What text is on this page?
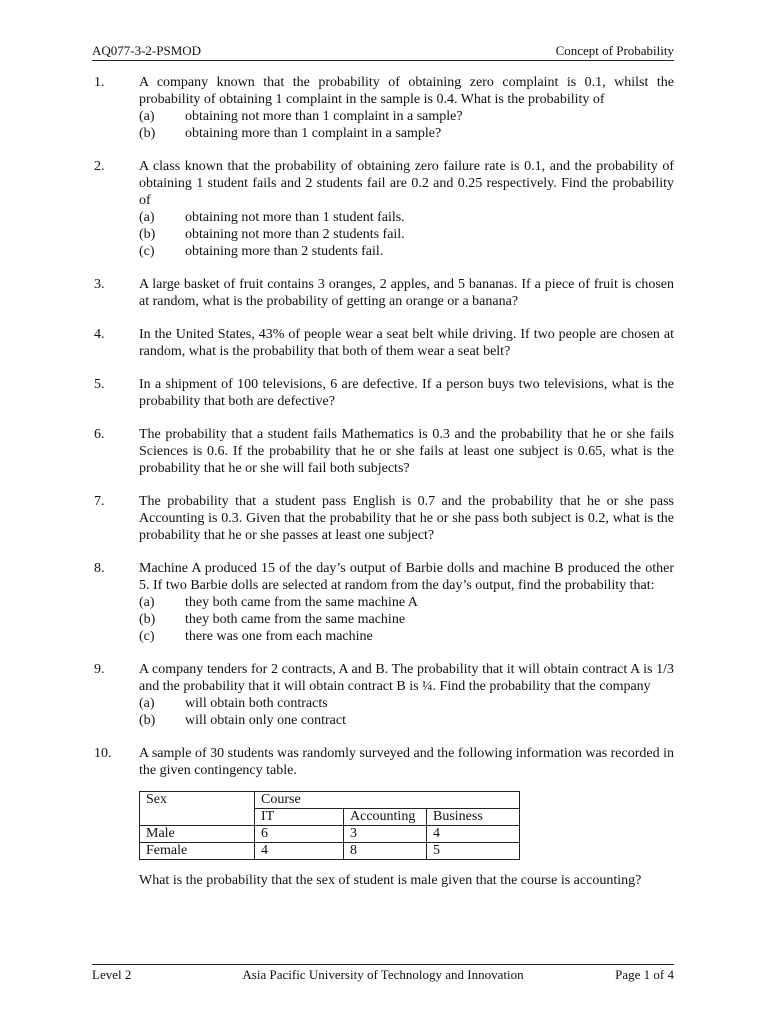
AQ077-3-2-PSMOD	Concept of Probability
1. A company known that the probability of obtaining zero complaint is 0.1, whilst the probability of obtaining 1 complaint in the sample is 0.4. What is the probability of
(a) obtaining not more than 1 complaint in a sample?
(b) obtaining more than 1 complaint in a sample?
2. A class known that the probability of obtaining zero failure rate is 0.1, and the probability of obtaining 1 student fails and 2 students fail are 0.2 and 0.25 respectively. Find the probability of
(a) obtaining not more than 1 student fails.
(b) obtaining not more than 2 students fail.
(c) obtaining more than 2 students fail.
3. A large basket of fruit contains 3 oranges, 2 apples, and 5 bananas. If a piece of fruit is chosen at random, what is the probability of getting an orange or a banana?
4. In the United States, 43% of people wear a seat belt while driving. If two people are chosen at random, what is the probability that both of them wear a seat belt?
5. In a shipment of 100 televisions, 6 are defective. If a person buys two televisions, what is the probability that both are defective?
6. The probability that a student fails Mathematics is 0.3 and the probability that he or she fails Sciences is 0.6. If the probability that he or she fails at least one subject is 0.65, what is the probability that he or she will fail both subjects?
7. The probability that a student pass English is 0.7 and the probability that he or she pass Accounting is 0.3. Given that the probability that he or she pass both subject is 0.2, what is the probability that he or she passes at least one subject?
8. Machine A produced 15 of the day’s output of Barbie dolls and machine B produced the other 5. If two Barbie dolls are selected at random from the day’s output, find the probability that:
(a) they both came from the same machine A
(b) they both came from the same machine
(c) there was one from each machine
9. A company tenders for 2 contracts, A and B. The probability that it will obtain contract A is 1/3 and the probability that it will obtain contract B is ¼. Find the probability that the company
(a) will obtain both contracts
(b) will obtain only one contract
10. A sample of 30 students was randomly surveyed and the following information was recorded in the given contingency table.
Sex	Course		
	IT	Accounting	Business
Male	6	3	4
Female	4	8	5
What is the probability that the sex of student is male given that the course is accounting?
Level 2	Asia Pacific University of Technology and Innovation	Page 1 of 4
